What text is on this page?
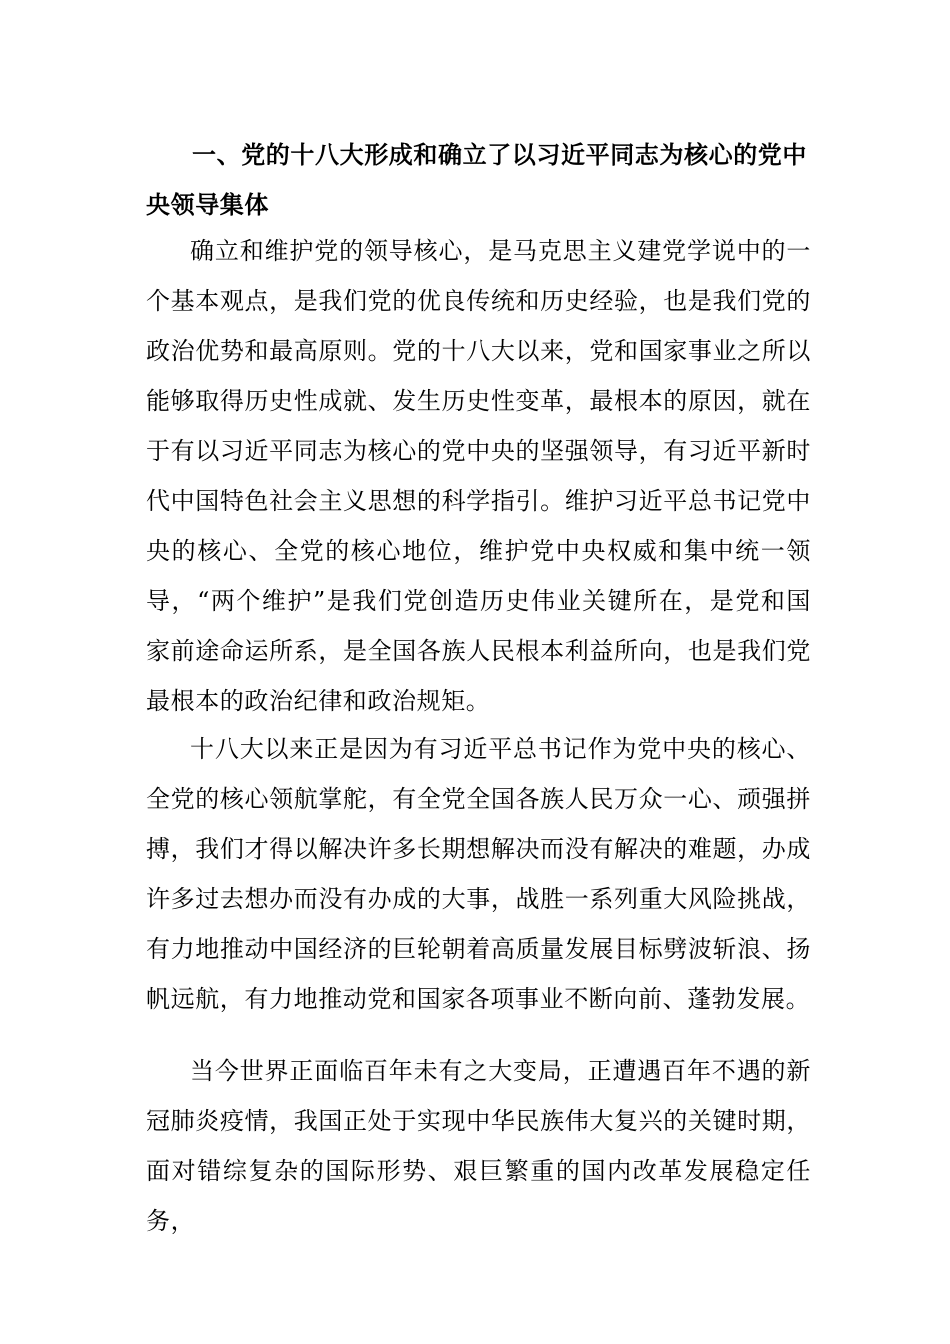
一、党的十八大形成和确立了以习近平同志为核心的党中央领导集体

确立和维护党的领导核心，是马克思主义建党学说中的一个基本观点，是我们党的优良传统和历史经验，也是我们党的政治优势和最高原则。党的十八大以来，党和国家事业之所以能够取得历史性成就、发生历史性变革，最根本的原因，就在于有以习近平同志为核心的党中央的坚强领导，有习近平新时代中国特色社会主义思想的科学指引。维护习近平总书记党中央的核心、全党的核心地位，维护党中央权威和集中统一领导，“两个维护”是我们党创造历史伟业关键所在，是党和国家前途命运所系，是全国各族人民根本利益所向，也是我们党最根本的政治纪律和政治规矩。

十八大以来正是因为有习近平总书记作为党中央的核心、全党的核心领航掌舵，有全党全国各族人民万众一心、顽强拼搏，我们才得以解决许多长期想解决而没有解决的难题，办成许多过去想办而没有办成的大事，战胜一系列重大风险挑战，有力地推动中国经济的巨轮朝着高质量发展目标劈波斩浪、扬帆远航，有力地推动党和国家各项事业不断向前、蓬勃发展。

当今世界正面临百年未有之大变局，正遭遇百年不遇的新冠肺炎疫情，我国正处于实现中华民族伟大复兴的关键时期，面对错综复杂的国际形势、艰巨繁重的国内改革发展稳定任务，
